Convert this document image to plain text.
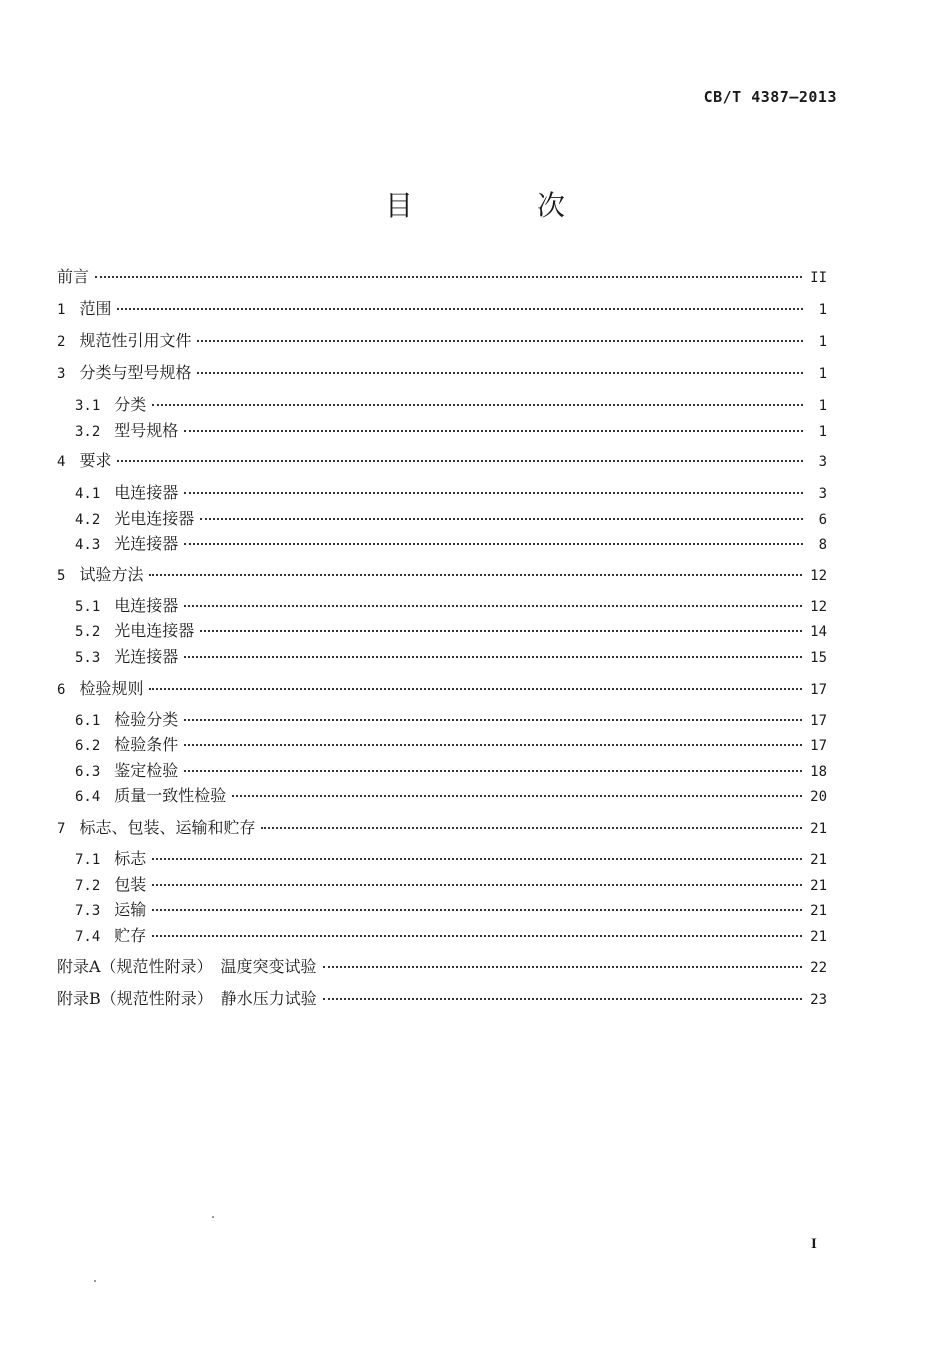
CB/T 4387—2013
目　次
前言	II
1 范围	1
2 规范性引用文件	1
3 分类与型号规格	1
3.1 分类	1
3.2 型号规格	1
4 要求	3
4.1 电连接器	3
4.2 光电连接器	6
4.3 光连接器	8
5 试验方法	12
5.1 电连接器	12
5.2 光电连接器	14
5.3 光连接器	15
6 检验规则	17
6.1 检验分类	17
6.2 检验条件	17
6.3 鉴定检验	18
6.4 质量一致性检验	20
7 标志、包装、运输和贮存	21
7.1 标志	21
7.2 包装	21
7.3 运输	21
7.4 贮存	21
附录A（规范性附录）　温度突变试验	22
附录B（规范性附录）　静水压力试验	23
I
